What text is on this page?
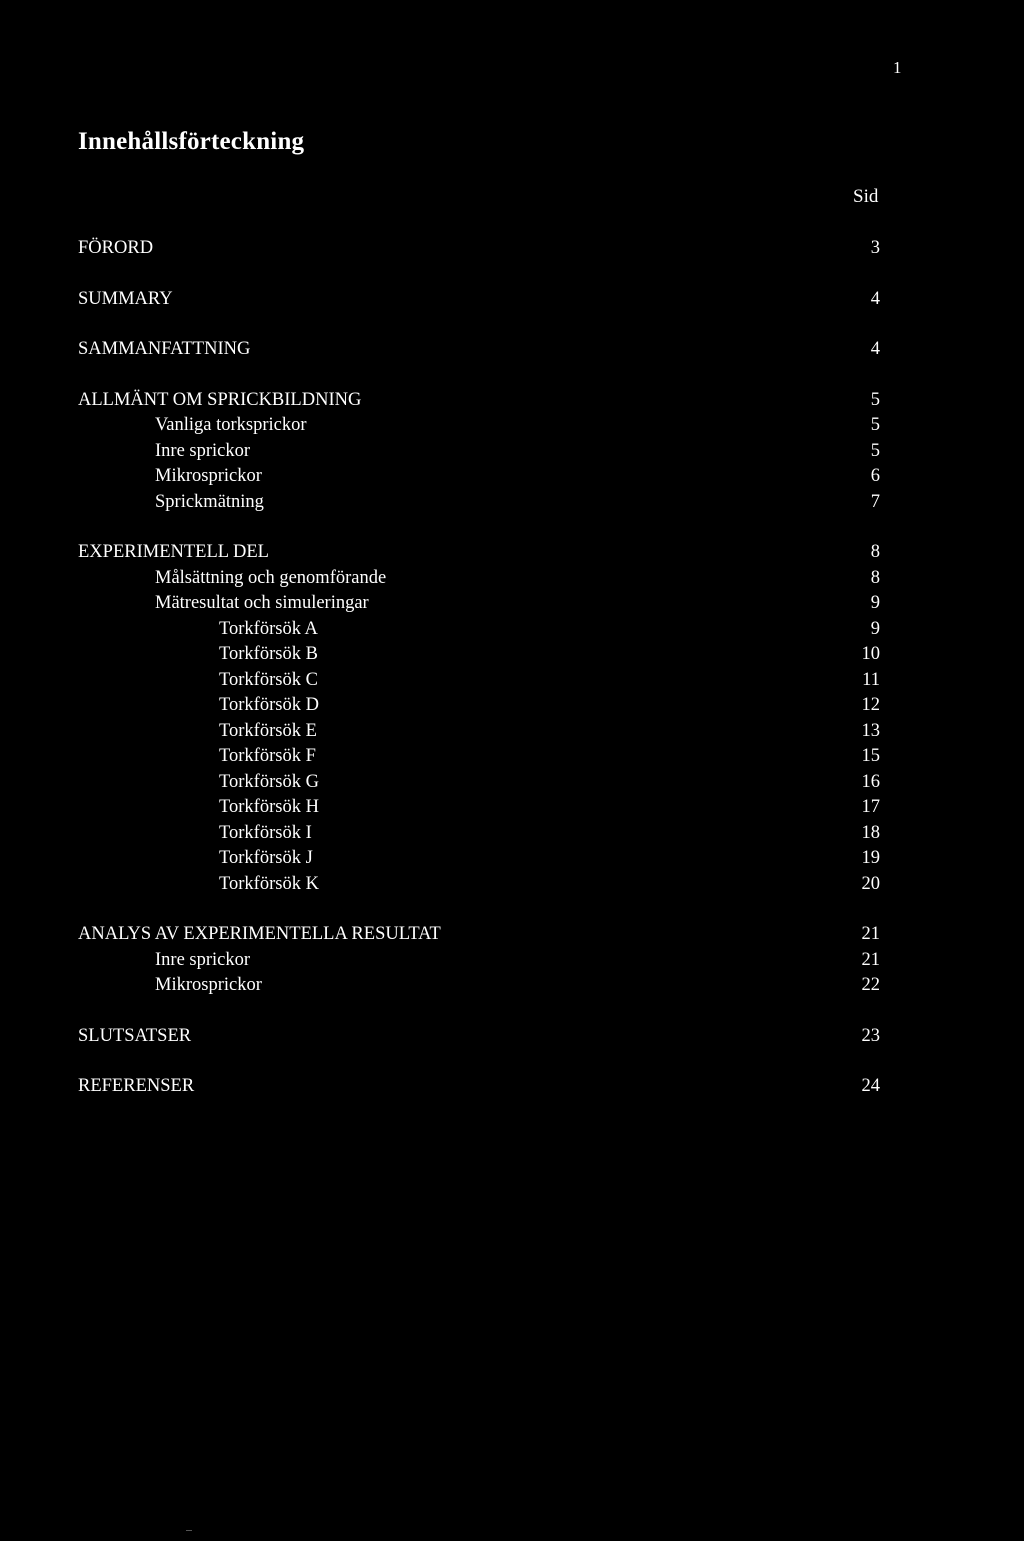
1
Innehållsförteckning
Sid
FÖRORD	3
SUMMARY	4
SAMMANFATTNING	4
ALLMÄNT OM SPRICKBILDNING	5
Vanliga torksprickor	5
Inre sprickor	5
Mikrosprickor	6
Sprickmätning	7
EXPERIMENTELL DEL	8
Målsättning och genomförande	8
Mätresultat och simuleringar	9
Torkförsök A	9
Torkförsök B	10
Torkförsök C	11
Torkförsök D	12
Torkförsök E	13
Torkförsök F	15
Torkförsök G	16
Torkförsök H	17
Torkförsök I	18
Torkförsök J	19
Torkförsök K	20
ANALYS AV EXPERIMENTELLA RESULTAT	21
Inre sprickor	21
Mikrosprickor	22
SLUTSATSER	23
REFERENSER	24
